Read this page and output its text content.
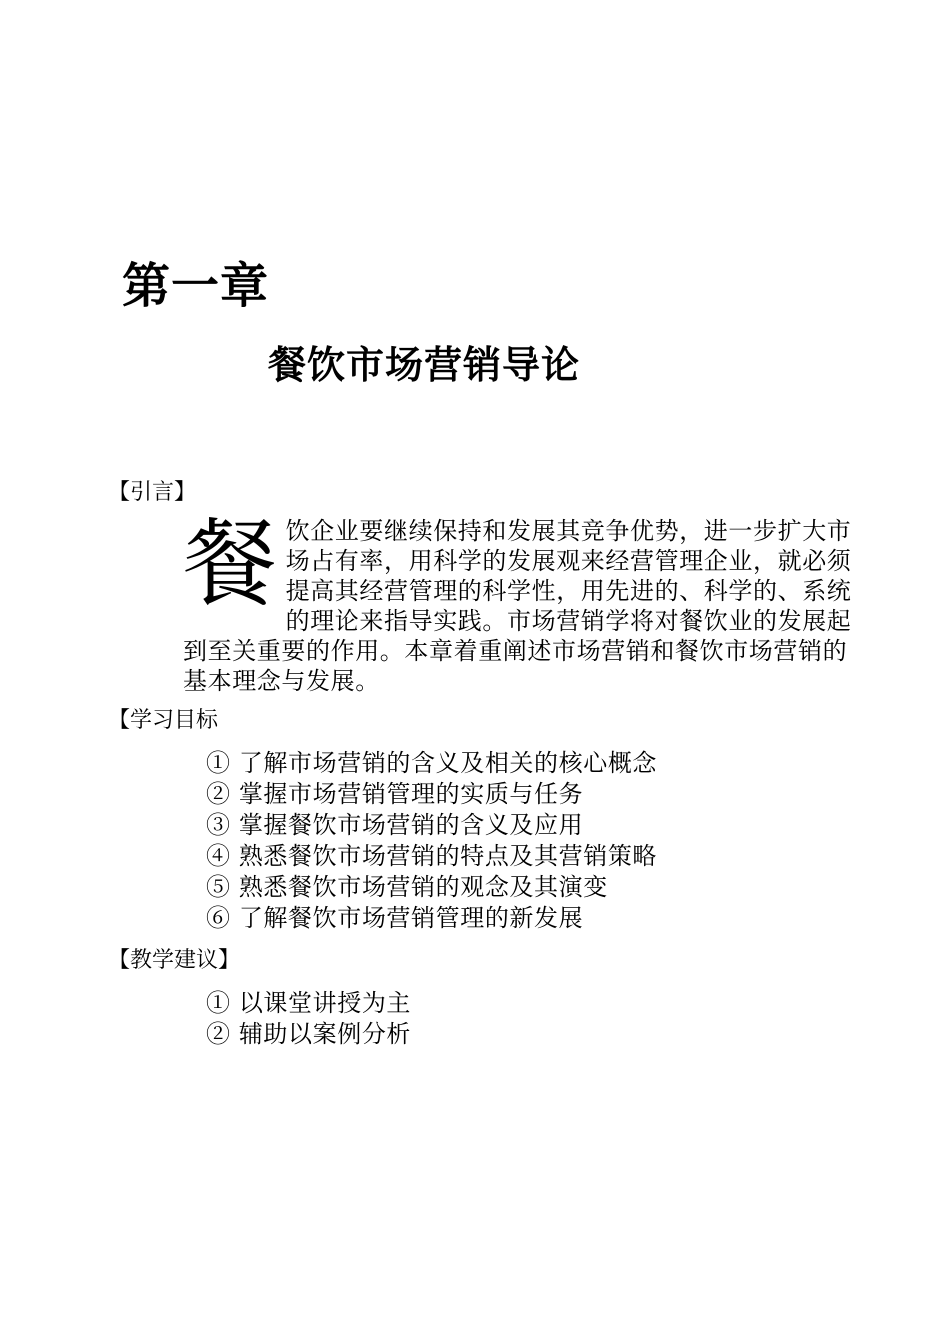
第一章
餐饮市场营销导论
【引言】

餐饮企业要继续保持和发展其竞争优势，进一步扩大市场占有率，用科学的发展观来经营管理企业，就必须提高其经营管理的科学性，用先进的、科学的、系统的理论来指导实践。市场营销学将对餐饮业的发展起到至关重要的作用。本章着重阐述市场营销和餐饮市场营销的基本理念与发展。

【学习目标
① 了解市场营销的含义及相关的核心概念
② 掌握市场营销管理的实质与任务
③ 掌握餐饮市场营销的含义及应用
④ 熟悉餐饮市场营销的特点及其营销策略
⑤ 熟悉餐饮市场营销的观念及其演变
⑥ 了解餐饮市场营销管理的新发展
【教学建议】
① 以课堂讲授为主
② 辅助以案例分析
